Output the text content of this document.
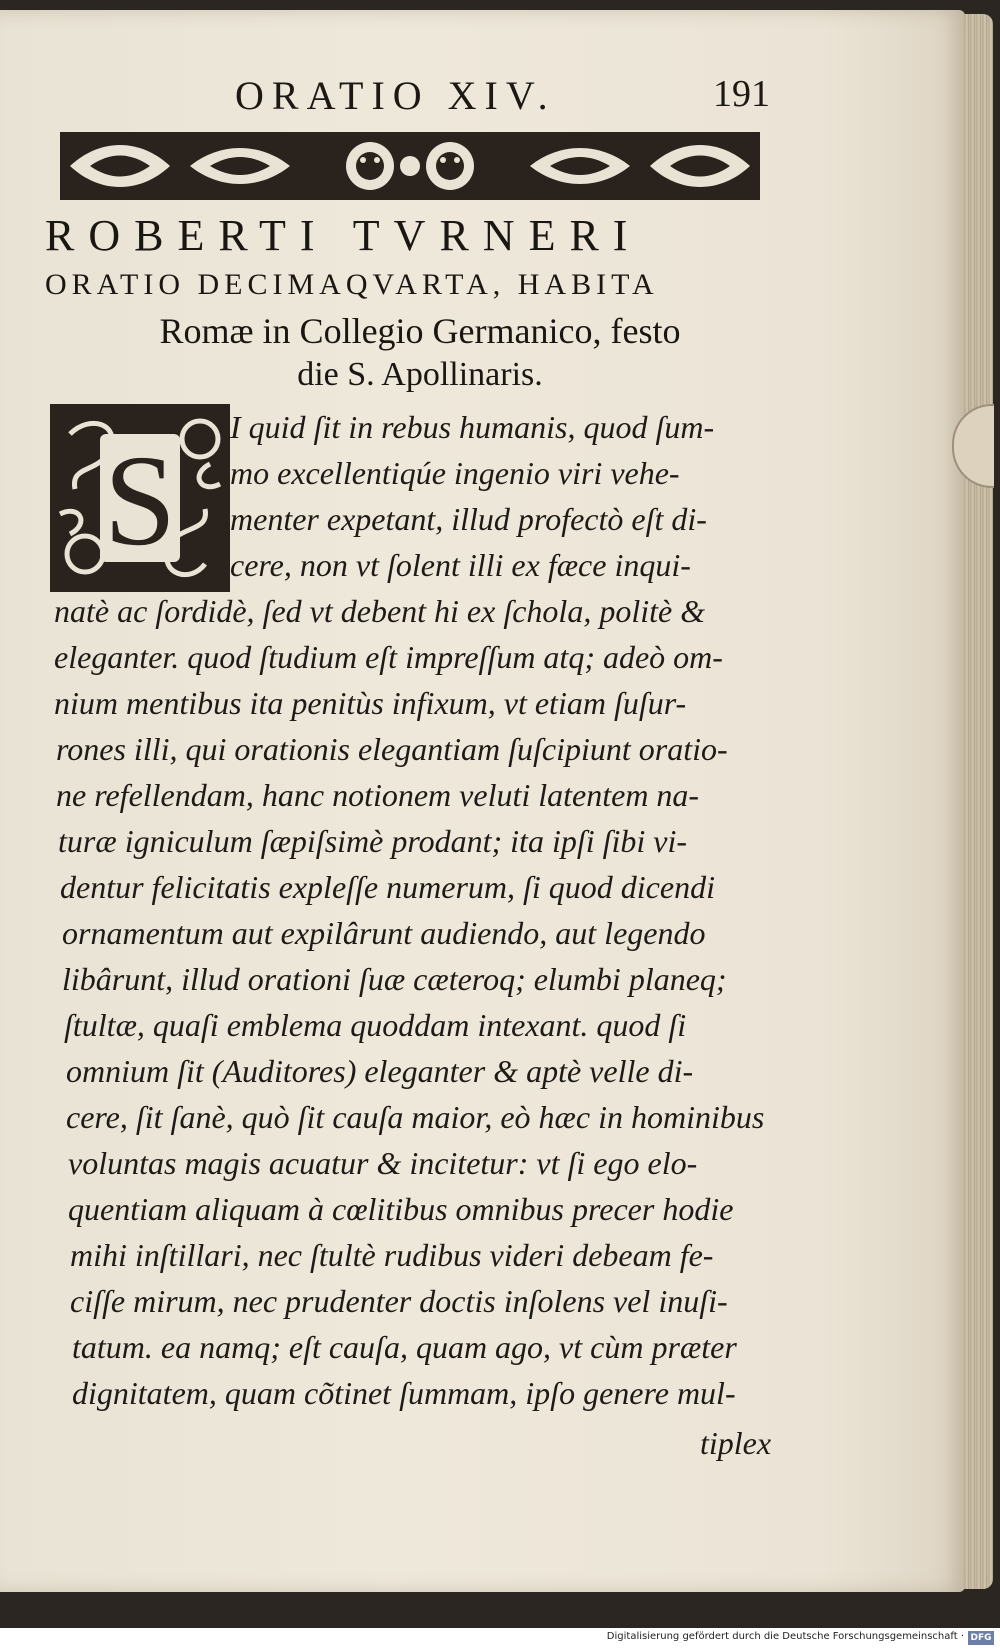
ORATIO XIV.	191
ROBERTI TVRNERI
ORATIO DECIMAQVARTA, HABITA
Romæ in Collegio Germanico, festo
die S. Apollinaris.
S
I quid ſit in rebus humanis, quod ſum-
mo excellentiqúe ingenio viri vehe-
menter expetant, illud profectò eſt di-
cere, non vt ſolent illi ex fæce inqui-
natè ac ſordidè, ſed vt debent hi ex ſchola, politè &
eleganter. quod ſtudium eſt impreſſum atq; adeò om-
nium mentibus ita penitùs infixum, vt etiam ſuſur-
rones illi, qui orationis elegantiam ſuſcipiunt oratio-
ne refellendam, hanc notionem veluti latentem na-
turæ igniculum ſæpiſsimè prodant; ita ipſi ſibi vi-
dentur felicitatis expleſſe numerum, ſi quod dicendi
ornamentum aut expilârunt audiendo, aut legendo
libârunt, illud orationi ſuæ cæteroq; elumbi planeq;
ſtultæ, quaſi emblema quoddam intexant. quod ſi
omnium ſit (Auditores) eleganter & aptè velle di-
cere, ſit ſanè, quò ſit cauſa maior, eò hæc in hominibus
voluntas magis acuatur & incitetur: vt ſi ego elo-
quentiam aliquam à cœlitibus omnibus precer hodie
mihi inſtillari, nec ſtultè rudibus videri debeam fe-
ciſſe mirum, nec prudenter doctis inſolens vel inuſi-
tatum. ea namq; eſt cauſa, quam ago, vt cùm præter
dignitatem, quam cõtinet ſummam, ipſo genere mul-
tiplex
Digitalisierung gefördert durch die Deutsche Forschungsgemeinschaft · DFG
